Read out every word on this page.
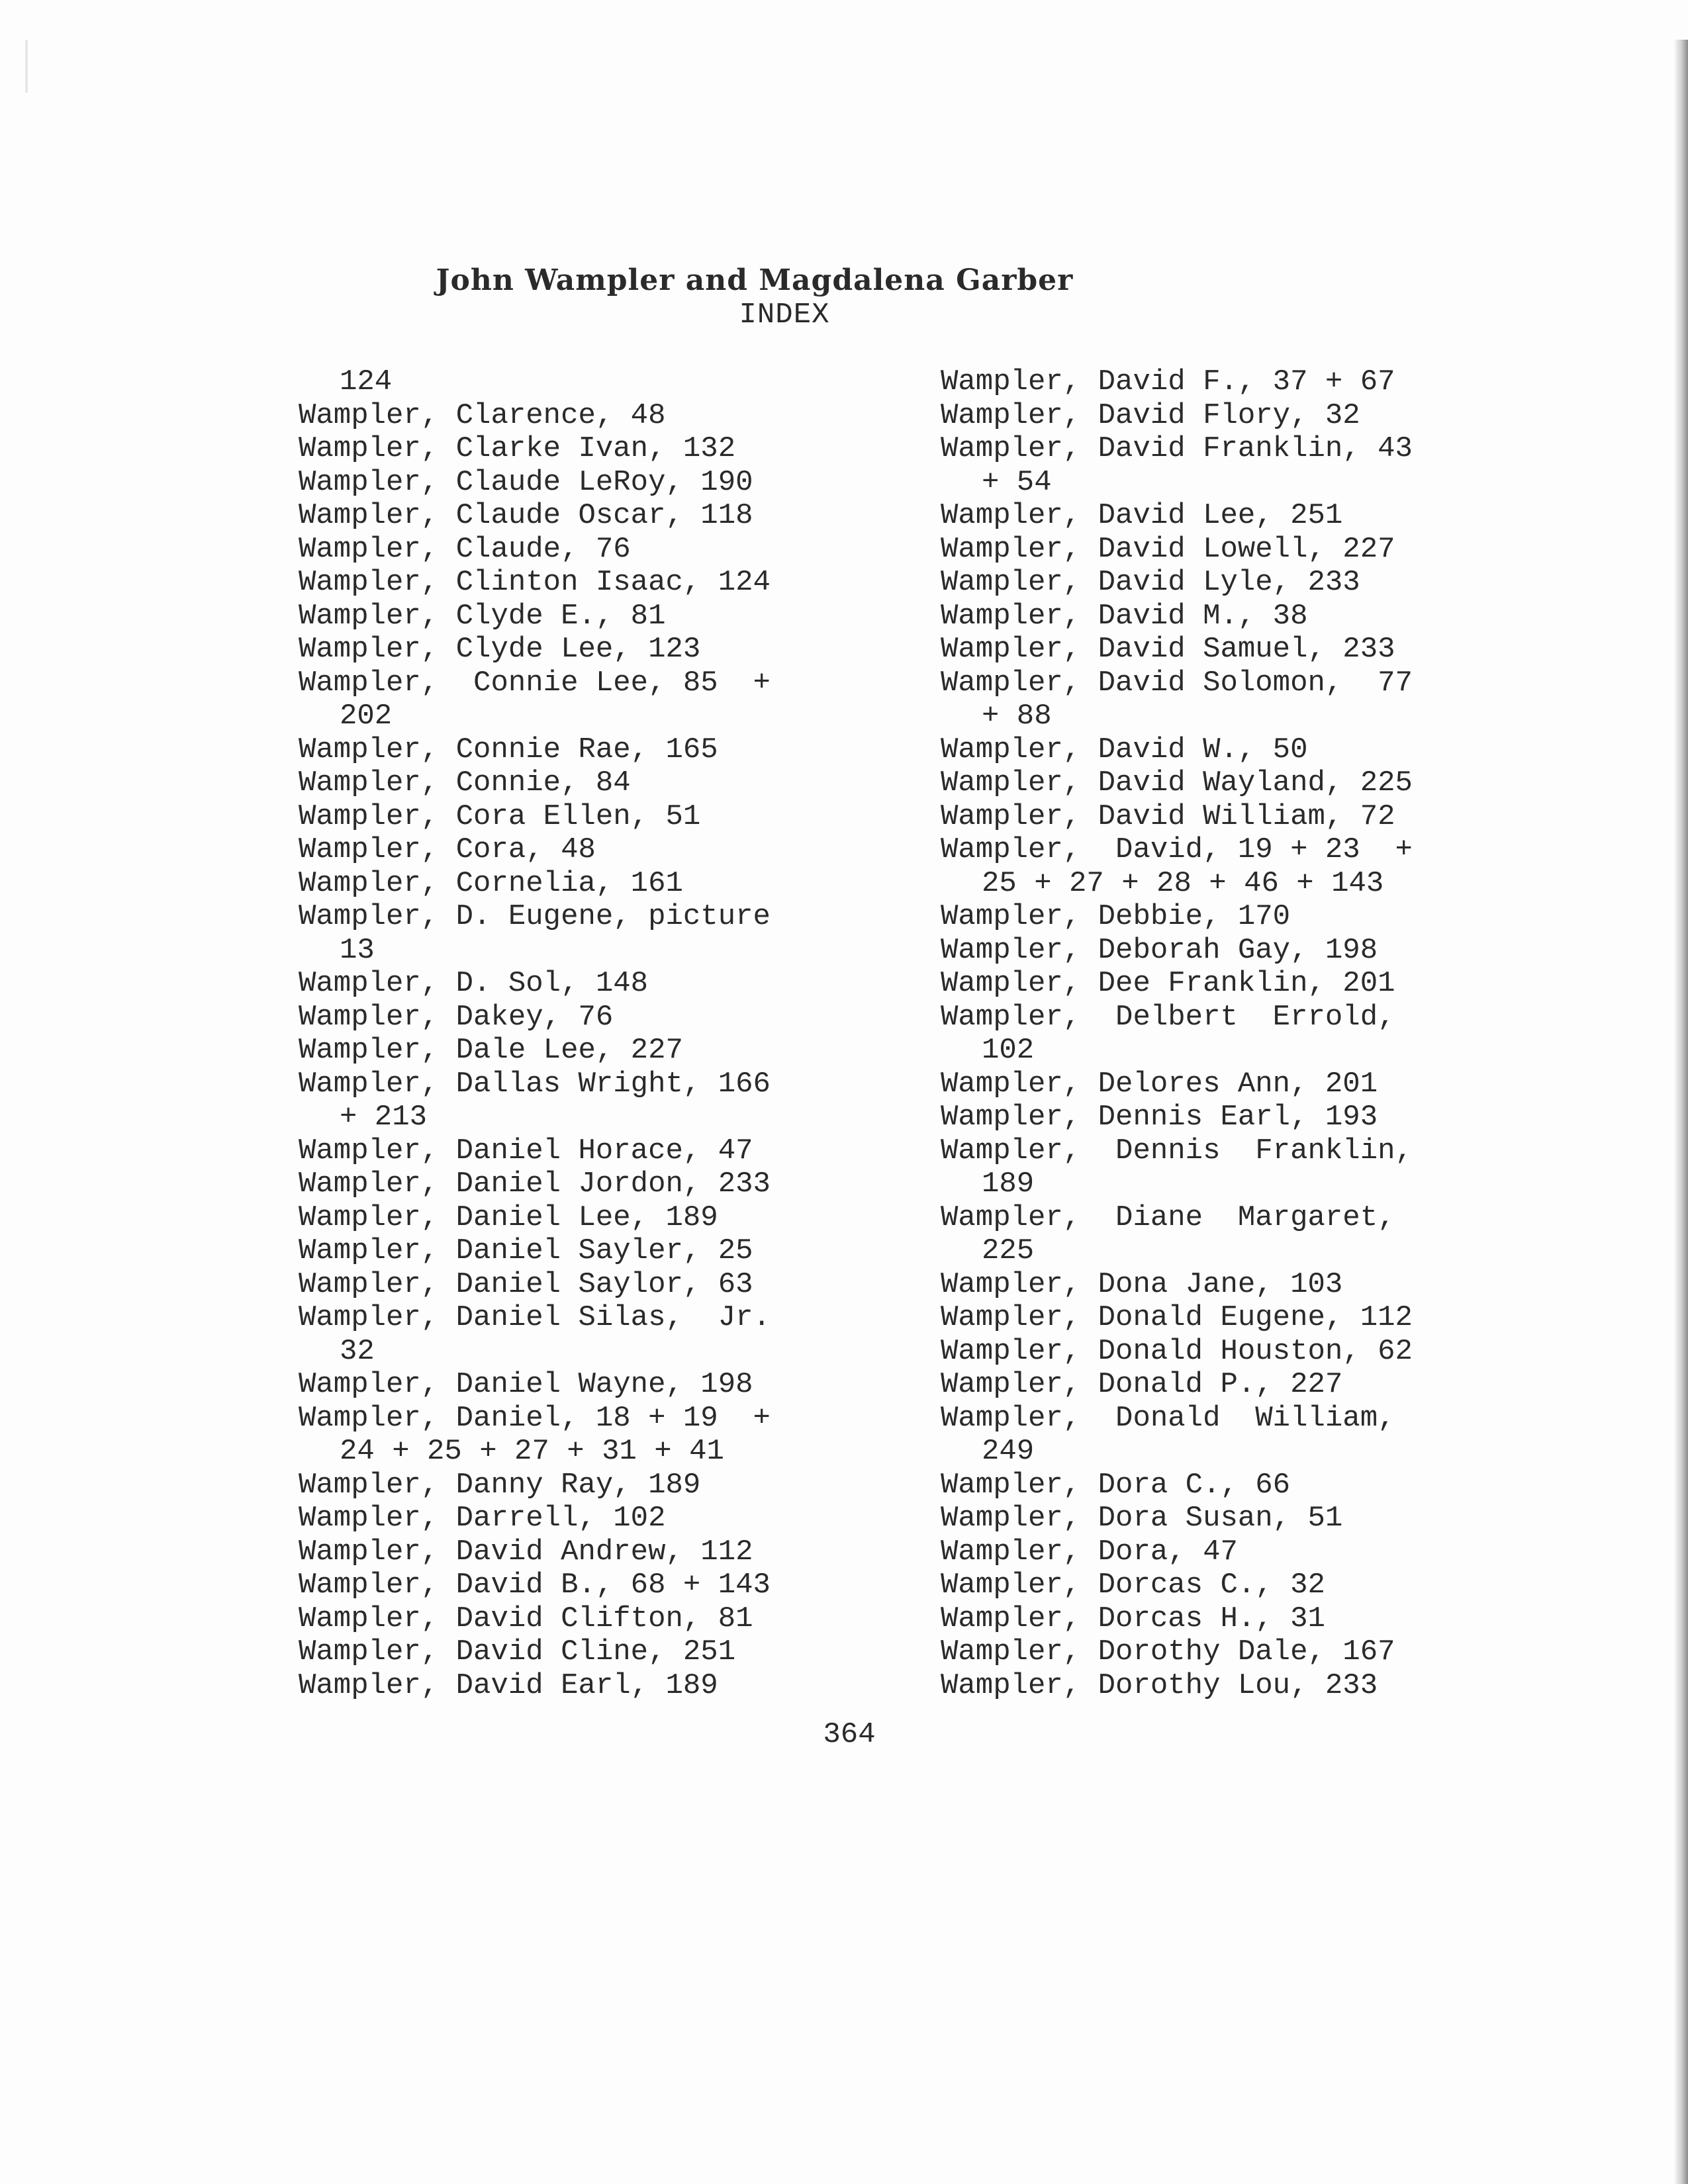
John Wampler and Magdalena Garber
INDEX
124
Wampler, Clarence, 48
Wampler, Clarke Ivan, 132
Wampler, Claude LeRoy, 190
Wampler, Claude Oscar, 118
Wampler, Claude, 76
Wampler, Clinton Isaac, 124
Wampler, Clyde E., 81
Wampler, Clyde Lee, 123
Wampler,  Connie Lee, 85  +
202
Wampler, Connie Rae, 165
Wampler, Connie, 84
Wampler, Cora Ellen, 51
Wampler, Cora, 48
Wampler, Cornelia, 161
Wampler, D. Eugene, picture
13
Wampler, D. Sol, 148
Wampler, Dakey, 76
Wampler, Dale Lee, 227
Wampler, Dallas Wright, 166
+ 213
Wampler, Daniel Horace, 47
Wampler, Daniel Jordon, 233
Wampler, Daniel Lee, 189
Wampler, Daniel Sayler, 25
Wampler, Daniel Saylor, 63
Wampler, Daniel Silas,  Jr.
32
Wampler, Daniel Wayne, 198
Wampler, Daniel, 18 + 19  +
24 + 25 + 27 + 31 + 41
Wampler, Danny Ray, 189
Wampler, Darrell, 102
Wampler, David Andrew, 112
Wampler, David B., 68 + 143
Wampler, David Clifton, 81
Wampler, David Cline, 251
Wampler, David Earl, 189
Wampler, David F., 37 + 67
Wampler, David Flory, 32
Wampler, David Franklin, 43
+ 54
Wampler, David Lee, 251
Wampler, David Lowell, 227
Wampler, David Lyle, 233
Wampler, David M., 38
Wampler, David Samuel, 233
Wampler, David Solomon,  77
+ 88
Wampler, David W., 50
Wampler, David Wayland, 225
Wampler, David William, 72
Wampler,  David, 19 + 23  +
25 + 27 + 28 + 46 + 143
Wampler, Debbie, 170
Wampler, Deborah Gay, 198
Wampler, Dee Franklin, 201
Wampler,  Delbert  Errold,
102
Wampler, Delores Ann, 201
Wampler, Dennis Earl, 193
Wampler,  Dennis  Franklin,
189
Wampler,  Diane  Margaret,
225
Wampler, Dona Jane, 103
Wampler, Donald Eugene, 112
Wampler, Donald Houston, 62
Wampler, Donald P., 227
Wampler,  Donald  William,
249
Wampler, Dora C., 66
Wampler, Dora Susan, 51
Wampler, Dora, 47
Wampler, Dorcas C., 32
Wampler, Dorcas H., 31
Wampler, Dorothy Dale, 167
Wampler, Dorothy Lou, 233
364
